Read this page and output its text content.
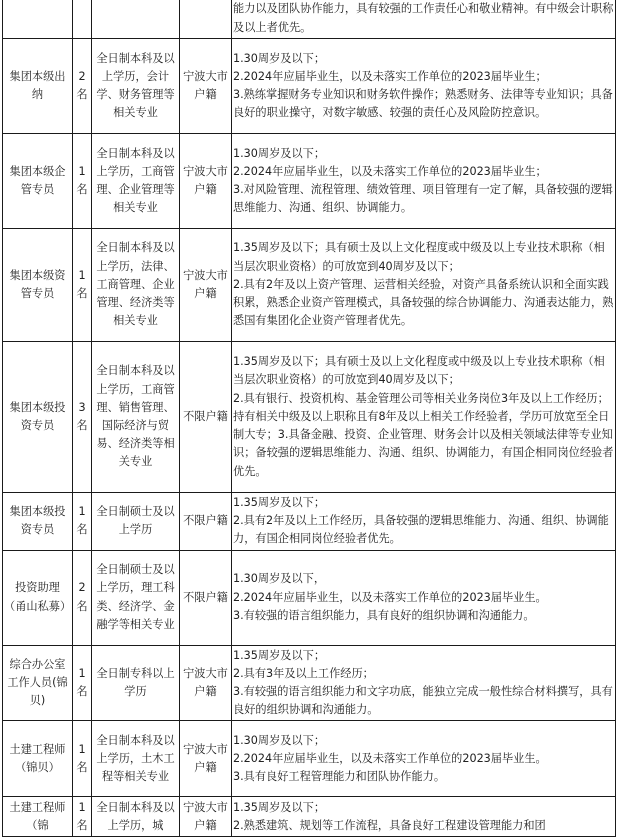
				能力以及团队协作能力，具有较强的工作责任心和敬业精神。有中级会计职称及以上者优先。

集团本级出纳	2名	全日制本科及以上学历，会计学、财务管理等相关专业	宁波大市户籍	1.30周岁及以下；
2.2024年应届毕业生，以及未落实工作单位的2023届毕业生；
3.熟练掌握财务专业知识和财务软件操作；熟悉财务、法律等专业知识；具备良好的职业操守，对数字敏感、较强的责任心及风险防控意识。

集团本级企管专员	1名	全日制本科及以上学历，工商管理、企业管理等相关专业	宁波大市户籍	1.30周岁及以下；
2.2024年应届毕业生，以及未落实工作单位的2023届毕业生；
3.对风险管理、流程管理、绩效管理、项目管理有一定了解，具备较强的逻辑思维能力、沟通、组织、协调能力。

集团本级资管专员	1名	全日制本科及以上学历，法律、工商管理、企业管理、经济类等相关专业	宁波大市户籍	1.35周岁及以下；具有硕士及以上文化程度或中级及以上专业技术职称（相当层次职业资格）的可放宽到40周岁及以下；
2.具有2年及以上资产管理、运营相关经验，对资产具备系统认识和全面实践积累，熟悉企业资产管理模式，具备较强的综合协调能力、沟通表达能力，熟悉国有集团化企业资产管理者优先。

集团本级投资专员	3名	全日制本科及以上学历，工商管理、销售管理、国际经济与贸易、经济类等相关专业	不限户籍	1.35周岁及以下；具有硕士及以上文化程度或中级及以上专业技术职称（相当层次职业资格）的可放宽到40周岁及以下；
2.具有银行、投资机构、基金管理公司等相关业务岗位3年及以上工作经历；持有相关中级及以上职称且有8年及以上相关工作经验者，学历可放宽至全日制大专；3.具备金融、投资、企业管理、财务会计以及相关领域法律等专业知识；备较强的逻辑思维能力、沟通、组织、协调能力，有国企相同岗位经验者优先。

集团本级投资专员	1名	全日制硕士及以上学历	不限户籍	1.35周岁及以下；
2.具有2年及以上工作经历，具备较强的逻辑思维能力、沟通、组织、协调能力，有国企相同岗位经验者优先。

投资助理（甬山私募）	2名	全日制硕士及以上学历，理工科类、经济学、金融学等相关专业	不限户籍	1.30周岁及以下，
2.2024年应届毕业生，以及未落实工作单位的2023届毕业生。
3.有较强的语言组织能力，具有良好的组织协调和沟通能力。

综合办公室工作人员(锦贝)	1名	全日制专科以上学历	宁波大市户籍	1.35周岁及以下；
2.具有3年及以上工作经历；
3.有较强的语言组织能力和文字功底，能独立完成一般性综合材料撰写，具有良好的组织协调和沟通能力。

土建工程师（锦贝）	1名	全日制本科及以上学历，土木工程等相关专业	宁波大市户籍	1.30周岁及以下；
2.2024年应届毕业生，以及未落实工作单位的2023届毕业生。
3.具有良好工程管理能力和团队协作能力。

土建工程师（锦	1名	全日制本科及以上学历，城	宁波大市户籍	1.35周岁及以下；
2.熟悉建筑、规划等工作流程，具备良好工程建设管理能力和团
